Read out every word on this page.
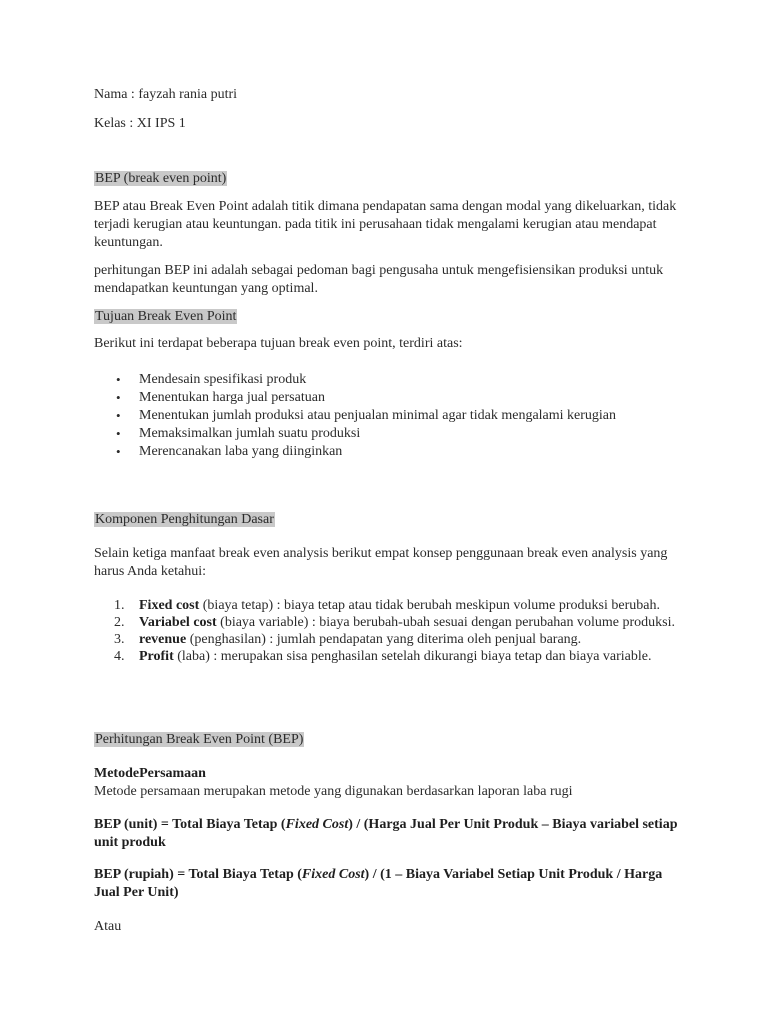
Nama : fayzah rania putri

Kelas : XI IPS 1

BEP (break even point)

BEP atau Break Even Point adalah titik dimana pendapatan sama dengan modal yang dikeluarkan, tidak terjadi kerugian atau keuntungan. pada titik ini perusahaan tidak mengalami kerugian atau mendapat keuntungan.

perhitungan BEP ini adalah sebagai pedoman bagi pengusaha untuk mengefisiensikan produksi untuk mendapatkan keuntungan yang optimal.

Tujuan Break Even Point

Berikut ini terdapat beberapa tujuan break even point, terdiri atas:

• Mendesain spesifikasi produk
• Menentukan harga jual persatuan
• Menentukan jumlah produksi atau penjualan minimal agar tidak mengalami kerugian
• Memaksimalkan jumlah suatu produksi
• Merencanakan laba yang diinginkan

Komponen Penghitungan Dasar

Selain ketiga manfaat break even analysis berikut empat konsep penggunaan break even analysis yang harus Anda ketahui:

1. Fixed cost (biaya tetap) : biaya tetap atau tidak berubah meskipun volume produksi berubah.
2. Variabel cost (biaya variable) : biaya berubah-ubah sesuai dengan perubahan volume produksi.
3. revenue (penghasilan) : jumlah pendapatan yang diterima oleh penjual barang.
4. Profit (laba) : merupakan sisa penghasilan setelah dikurangi biaya tetap dan biaya variable.

Perhitungan Break Even Point (BEP)

MetodePersamaan

Metode persamaan merupakan metode yang digunakan berdasarkan laporan laba rugi

BEP (unit) = Total Biaya Tetap (Fixed Cost) / (Harga Jual Per Unit Produk – Biaya variabel setiap unit produk

BEP (rupiah) = Total Biaya Tetap (Fixed Cost) / (1 – Biaya Variabel Setiap Unit Produk / Harga Jual Per Unit)

Atau
